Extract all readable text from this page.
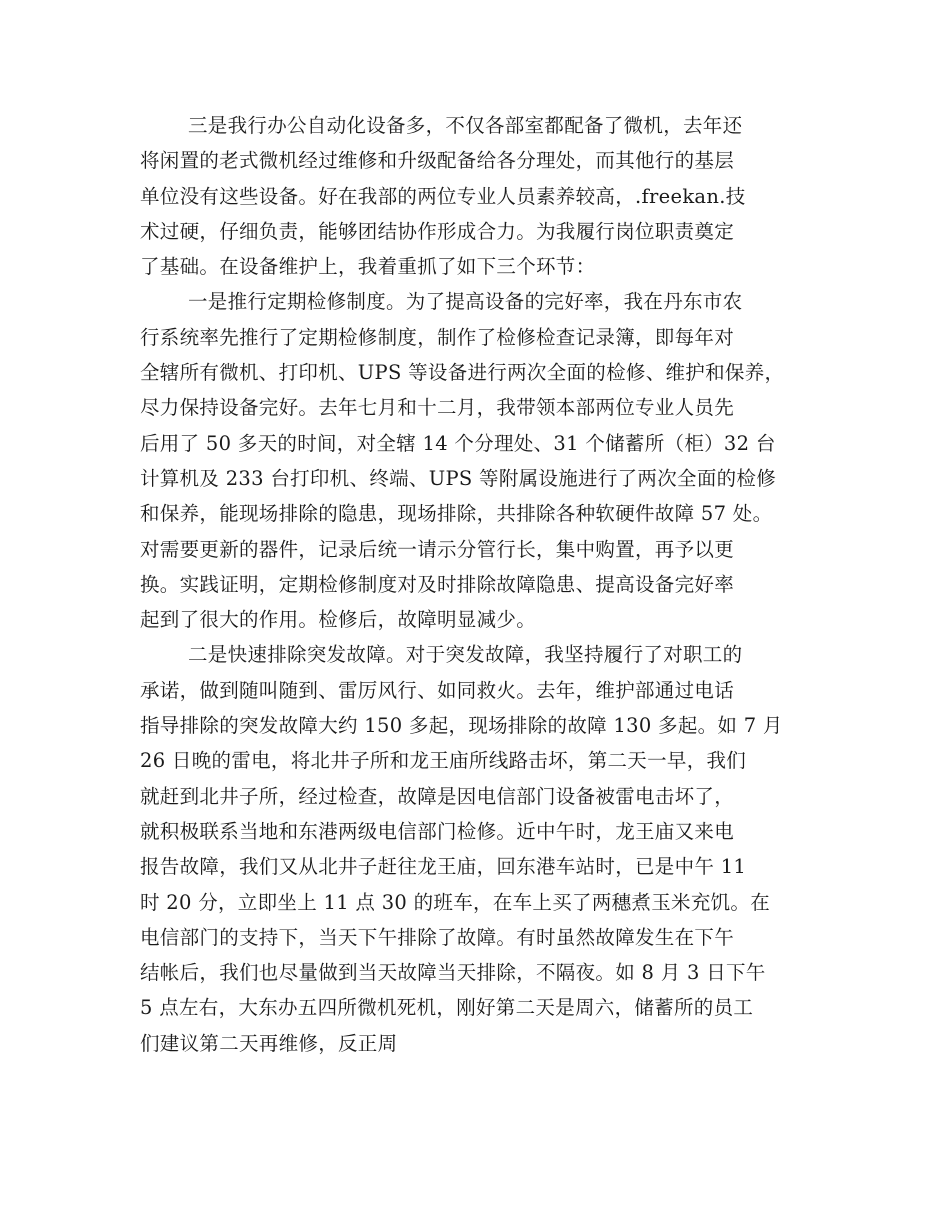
三是我行办公自动化设备多，不仅各部室都配备了微机，去年还
将闲置的老式微机经过维修和升级配备给各分理处，而其他行的基层
单位没有这些设备。好在我部的两位专业人员素养较高，.freekan.技
术过硬，仔细负责，能够团结协作形成合力。为我履行岗位职责奠定
了基础。在设备维护上，我着重抓了如下三个环节：
一是推行定期检修制度。为了提高设备的完好率，我在丹东市农
行系统率先推行了定期检修制度，制作了检修检查记录簿，即每年对
全辖所有微机、打印机、UPS 等设备进行两次全面的检修、维护和保养，
尽力保持设备完好。去年七月和十二月，我带领本部两位专业人员先
后用了 50 多天的时间，对全辖 14 个分理处、31 个储蓄所（柜）32 台
计算机及 233 台打印机、终端、UPS 等附属设施进行了两次全面的检修
和保养，能现场排除的隐患，现场排除，共排除各种软硬件故障 57 处。
对需要更新的器件，记录后统一请示分管行长，集中购置，再予以更
换。实践证明，定期检修制度对及时排除故障隐患、提高设备完好率
起到了很大的作用。检修后，故障明显减少。
二是快速排除突发故障。对于突发故障，我坚持履行了对职工的
承诺，做到随叫随到、雷厉风行、如同救火。去年，维护部通过电话
指导排除的突发故障大约 150 多起，现场排除的故障 130 多起。如 7 月
26 日晚的雷电，将北井子所和龙王庙所线路击坏，第二天一早，我们
就赶到北井子所，经过检查，故障是因电信部门设备被雷电击坏了，
就积极联系当地和东港两级电信部门检修。近中午时，龙王庙又来电
报告故障，我们又从北井子赶往龙王庙，回东港车站时，已是中午 11
时 20 分，立即坐上 11 点 30 的班车，在车上买了两穗煮玉米充饥。在
电信部门的支持下，当天下午排除了故障。有时虽然故障发生在下午
结帐后，我们也尽量做到当天故障当天排除，不隔夜。如 8 月 3 日下午
5 点左右，大东办五四所微机死机，刚好第二天是周六，储蓄所的员工
们建议第二天再维修，反正周
